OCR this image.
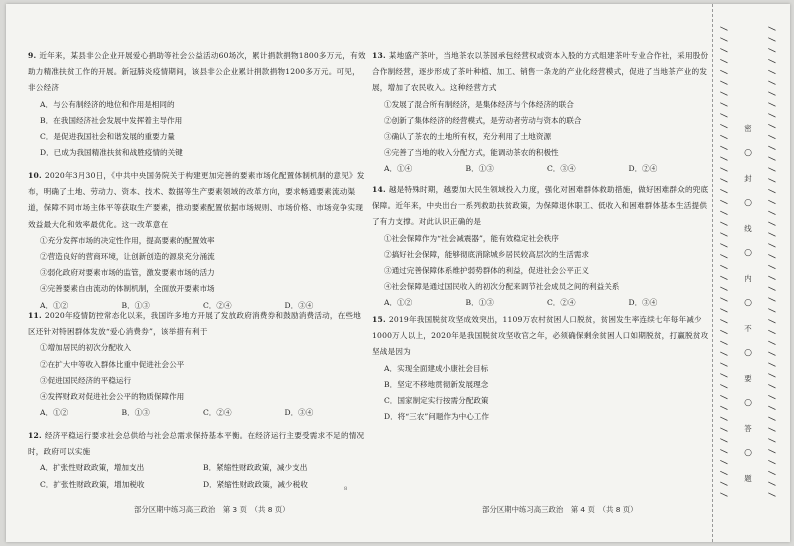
9. 近年来，某县非公企业开展爱心捐助等社会公益活动60场次，累计捐款捐物1800多万元，有效助力精准扶贫工作的开展。新冠肺炎疫情期间，该县非公企业累计捐款捐物1200多万元。可见，非公经济

A．与公有制经济的地位和作用是相同的

B．在我国经济社会发展中发挥着主导作用

C．是促进我国社会和谐发展的重要力量

D．已成为我国精准扶贫和战胜疫情的关键

10. 2020年3月30日，《中共中央国务院关于构建更加完善的要素市场化配置体制机制的意见》发布，明确了土地、劳动力、资本、技术、数据等生产要素领域的改革方向，要求畅通要素流动渠道，保障不同市场主体平等获取生产要素，推动要素配置依据市场规则、市场价格、市场竞争实现效益最大化和效率最优化。这一改革意在

①充分发挥市场的决定性作用，提高要素的配置效率

②营造良好的营商环境，让创新创造的源泉充分涌流

③弱化政府对要素市场的监管，激发要素市场的活力

④完善要素自由流动的体制机制，全面放开要素市场

A．①②	B．①③	C．②④	D．③④

11. 2020年疫情防控常态化以来，我国许多地方开展了发放政府消费券和鼓励消费活动，在些地区还针对特困群体发放“爱心消费券”，该举措有利于

①增加居民的初次分配收入

②在扩大中等收入群体比重中促进社会公平

③促进国民经济的平稳运行

④发挥财政对促进社会公平的物质保障作用

A．①②	B．①③	C．②④	D．③④

12. 经济平稳运行要求社会总供给与社会总需求保持基本平衡。在经济运行主要受需求不足的情况时，政府可以实施

A．扩张性财政政策，增加支出	B．紧缩性财政政策，减少支出
C．扩张性财政政策，增加税收	D．紧缩性财政政策，减少税收
部分区期中练习高三政治　第 3 页　（共 8 页）
8

13. 某地盛产茶叶，当地茶农以茶园承包经营权或资本入股的方式组建茶叶专业合作社，采用股份合作制经营，逐步形成了茶叶种植、加工、销售一条龙的产业化经营模式，促进了当地茶产业的发展，增加了农民收入。这种经营方式

①发展了混合所有制经济，是集体经济与个体经济的联合

②创新了集体经济的经营模式，是劳动者劳动与资本的联合

③确认了茶农的土地所有权，充分利用了土地资源

④完善了当地的收入分配方式，能调动茶农的积极性

A．①④	B．①③	C．③④	D．②④

14. 越是特殊时期，越要加大民生领域投入力度，强化对困难群体救助措施，做好困难群众的兜底保障。近年来，中央出台一系列救助扶贫政策，为保障退休职工、低收入和困难群体基本生活提供了有力支撑。对此认识正确的是

①社会保障作为“社会减震器”，能有效稳定社会秩序

②搞好社会保障，能够彻底消除城乡居民较高层次的生活需求

③通过完善保障体系维护弱势群体的利益，促进社会公平正义

④社会保障是通过国民收入的初次分配来调节社会成员之间的利益关系

A．①②	B．①③	C．②④	D．③④

15. 2019年我国脱贫攻坚成效突出，1109万农村贫困人口脱贫，贫困发生率连续七年每年减少1000万人以上，2020年是我国脱贫攻坚收官之年，必须确保剩余贫困人口如期脱贫，打赢脱贫攻坚战是因为

A．实现全面建成小康社会目标

B．坚定不移地贯彻新发展理念

C．国家制定实行按需分配政策

D．将“三农”问题作为中心工作

部分区期中练习高三政治　第 4 页　（共 8 页）
/ / / / / / / / / / / / / / / / / / / / / / / / / / / / / / / / / / / / / / / / / / / /	/ / / / / / / / / / / / / / / / / / / / / / / / / / / / / / / / / / / / / / / / / / / /
密
○
封
○
线
○
内
○
不
○
要
○
答
○
题
